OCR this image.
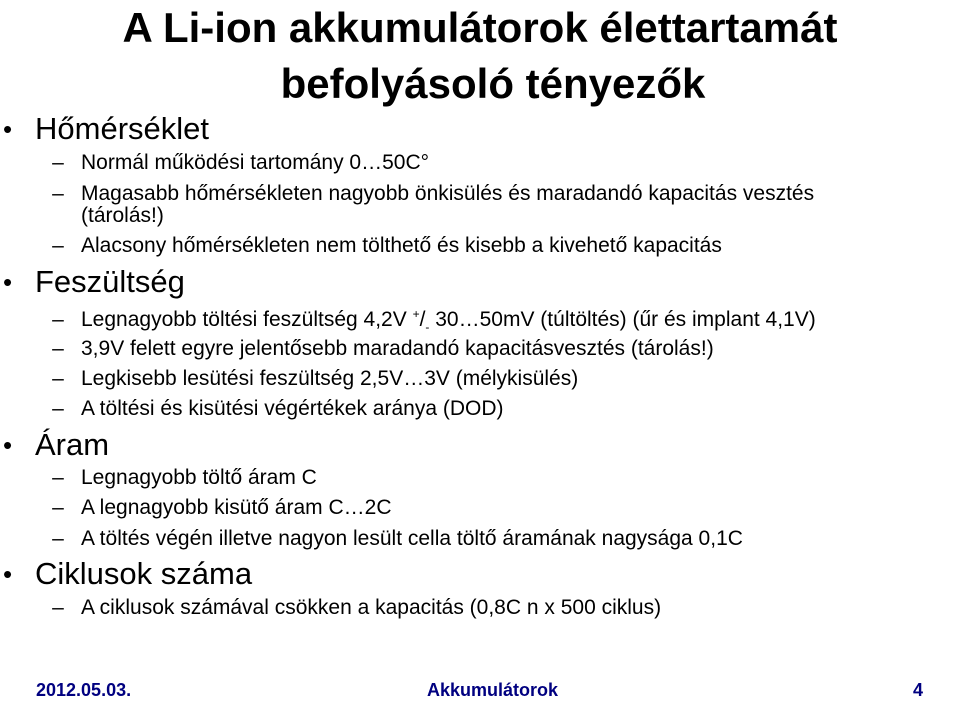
A Li-ion akkumulátorok élettartamát
befolyásoló tényezők
• Hőmérséklet
– Normál működési tartomány 0…50C°
– Magasabb hőmérsékleten nagyobb önkisülés és maradandó kapacitás vesztés
(tárolás!)
– Alacsony hőmérsékleten nem tölthető és kisebb a kivehető kapacitás
• Feszültség
– Legnagyobb töltési feszültség 4,2V $^+/_-$ 30…50mV (túltöltés) (űr és implant 4,1V)
– 3,9V felett egyre jelentősebb maradandó kapacitásvesztés (tárolás!)
– Legkisebb lesütési feszültség 2,5V…3V (mélykisülés)
– A töltési és kisütési végértékek aránya (DOD)
• Áram
– Legnagyobb töltő áram C
– A legnagyobb kisütő áram C…2C
– A töltés végén illetve nagyon lesült cella töltő áramának nagysága 0,1C
• Ciklusok száma
– A ciklusok számával csökken a kapacitás (0,8C n x 500 ciklus)
2012.05.03.	Akkumulátorok	4
